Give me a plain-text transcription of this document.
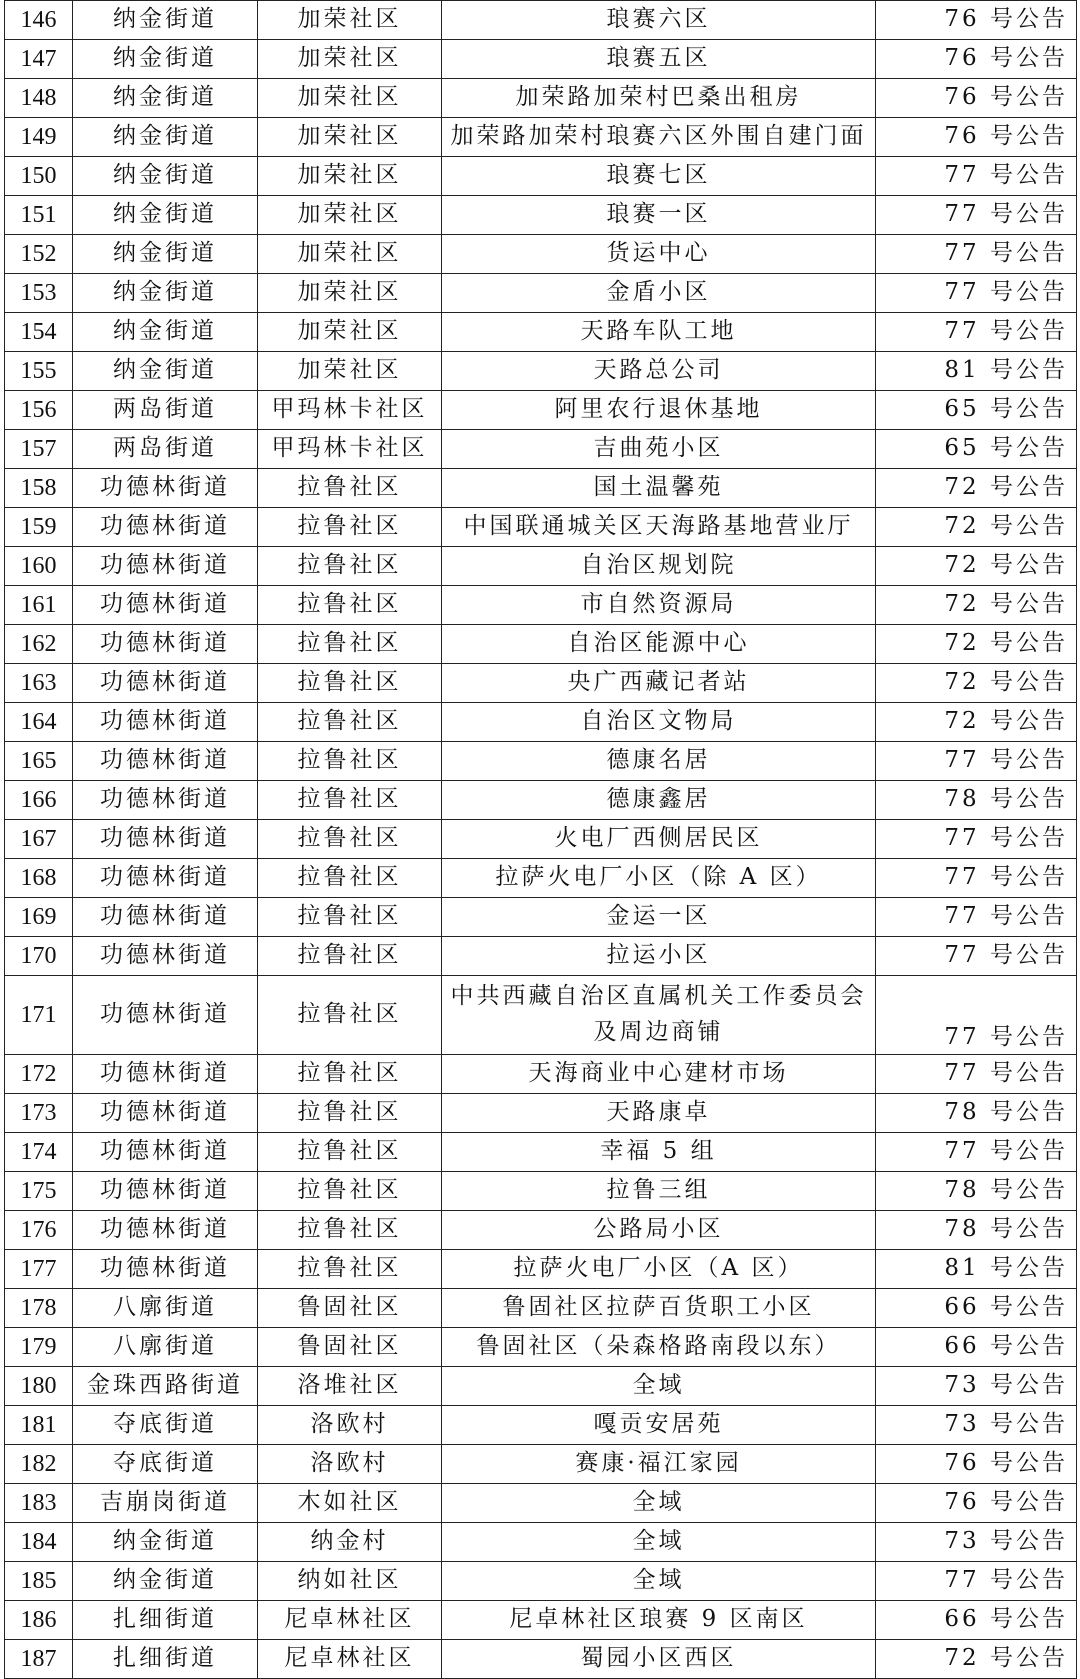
146	纳金街道	加荣社区	琅赛六区	76 号公告
147	纳金街道	加荣社区	琅赛五区	76 号公告
148	纳金街道	加荣社区	加荣路加荣村巴桑出租房	76 号公告
149	纳金街道	加荣社区	加荣路加荣村琅赛六区外围自建门面	76 号公告
150	纳金街道	加荣社区	琅赛七区	77 号公告
151	纳金街道	加荣社区	琅赛一区	77 号公告
152	纳金街道	加荣社区	货运中心	77 号公告
153	纳金街道	加荣社区	金盾小区	77 号公告
154	纳金街道	加荣社区	天路车队工地	77 号公告
155	纳金街道	加荣社区	天路总公司	81 号公告
156	两岛街道	甲玛林卡社区	阿里农行退休基地	65 号公告
157	两岛街道	甲玛林卡社区	吉曲苑小区	65 号公告
158	功德林街道	拉鲁社区	国土温馨苑	72 号公告
159	功德林街道	拉鲁社区	中国联通城关区天海路基地营业厅	72 号公告
160	功德林街道	拉鲁社区	自治区规划院	72 号公告
161	功德林街道	拉鲁社区	市自然资源局	72 号公告
162	功德林街道	拉鲁社区	自治区能源中心	72 号公告
163	功德林街道	拉鲁社区	央广西藏记者站	72 号公告
164	功德林街道	拉鲁社区	自治区文物局	72 号公告
165	功德林街道	拉鲁社区	德康名居	77 号公告
166	功德林街道	拉鲁社区	德康鑫居	78 号公告
167	功德林街道	拉鲁社区	火电厂西侧居民区	77 号公告
168	功德林街道	拉鲁社区	拉萨火电厂小区（除 A 区）	77 号公告
169	功德林街道	拉鲁社区	金运一区	77 号公告
170	功德林街道	拉鲁社区	拉运小区	77 号公告
171	功德林街道	拉鲁社区	中共西藏自治区直属机关工作委员会及周边商铺	77 号公告
172	功德林街道	拉鲁社区	天海商业中心建材市场	77 号公告
173	功德林街道	拉鲁社区	天路康卓	78 号公告
174	功德林街道	拉鲁社区	幸福 5 组	77 号公告
175	功德林街道	拉鲁社区	拉鲁三组	78 号公告
176	功德林街道	拉鲁社区	公路局小区	78 号公告
177	功德林街道	拉鲁社区	拉萨火电厂小区（A 区）	81 号公告
178	八廓街道	鲁固社区	鲁固社区拉萨百货职工小区	66 号公告
179	八廓街道	鲁固社区	鲁固社区（朵森格路南段以东）	66 号公告
180	金珠西路街道	洛堆社区	全域	73 号公告
181	夺底街道	洛欧村	嘎贡安居苑	73 号公告
182	夺底街道	洛欧村	赛康·福江家园	76 号公告
183	吉崩岗街道	木如社区	全域	76 号公告
184	纳金街道	纳金村	全域	73 号公告
185	纳金街道	纳如社区	全域	77 号公告
186	扎细街道	尼卓林社区	尼卓林社区琅赛 9 区南区	66 号公告
187	扎细街道	尼卓林社区	蜀园小区西区	72 号公告
